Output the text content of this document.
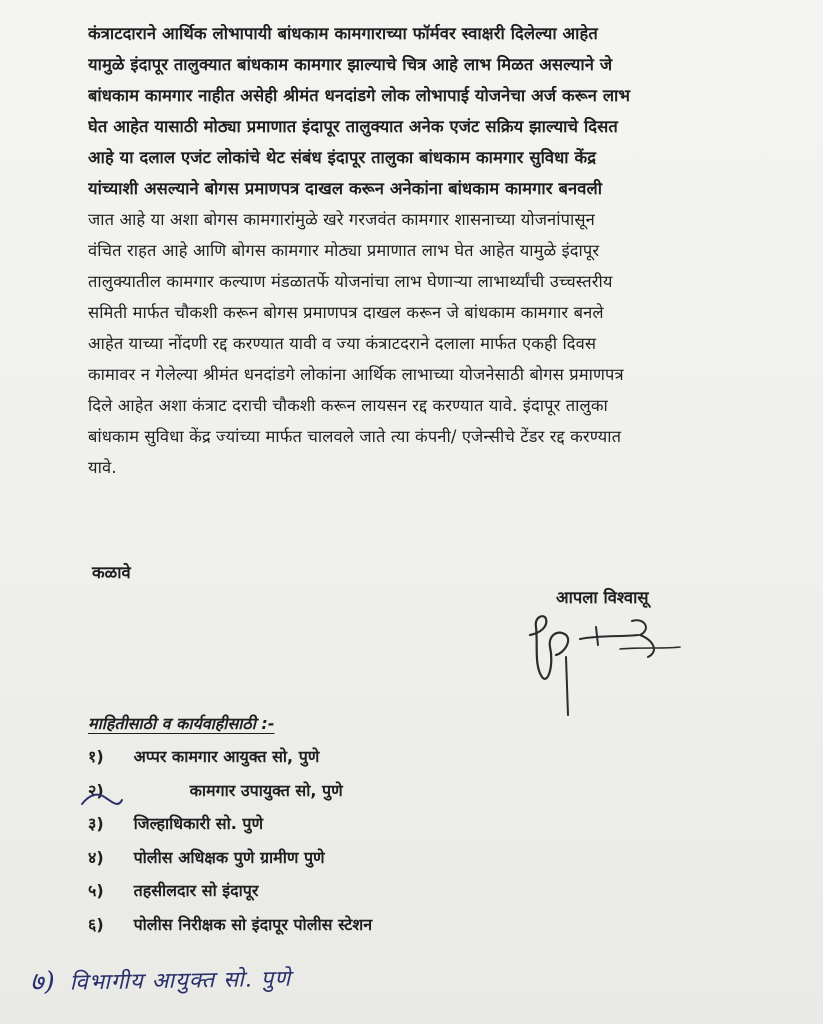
कंत्राटदाराने आर्थिक लोभापायी बांधकाम कामगाराच्या फॉर्मवर स्वाक्षरी दिलेल्या आहेत
यामुळे इंदापूर तालुक्यात बांधकाम कामगार झाल्याचे चित्र आहे लाभ मिळत असल्याने जे
बांधकाम कामगार नाहीत असेही श्रीमंत धनदांडगे लोक लोभापाई योजनेचा अर्ज करून लाभ
घेत आहेत यासाठी मोठ्या प्रमाणात इंदापूर तालुक्यात अनेक एजंट सक्रिय झाल्याचे दिसत
आहे या दलाल एजंट लोकांचे थेट संबंध इंदापूर तालुका बांधकाम कामगार सुविधा केंद्र
यांच्याशी असल्याने बोगस प्रमाणपत्र दाखल करून अनेकांना बांधकाम कामगार बनवली
जात आहे या अशा बोगस कामगारांमुळे खरे गरजवंत कामगार शासनाच्या योजनांपासून
वंचित राहत आहे आणि बोगस कामगार मोठ्या प्रमाणात लाभ घेत आहेत यामुळे इंदापूर
तालुक्यातील कामगार कल्याण मंडळातर्फे योजनांचा लाभ घेणाऱ्या लाभार्थ्यांची उच्चस्तरीय
समिती मार्फत चौकशी करून बोगस प्रमाणपत्र दाखल करून जे बांधकाम कामगार बनले
आहेत याच्या नोंदणी रद्द करण्यात यावी व ज्या कंत्राटदराने दलाला मार्फत एकही दिवस
कामावर न गेलेल्या श्रीमंत धनदांडगे लोकांना आर्थिक लाभाच्या योजनेसाठी बोगस प्रमाणपत्र
दिले आहेत अशा कंत्राट दराची चौकशी करून लायसन रद्द करण्यात यावे. इंदापूर तालुका
बांधकाम सुविधा केंद्र ज्यांच्या मार्फत चालवले जाते त्या कंपनी/ एजेन्सीचे टेंडर रद्द करण्यात
यावे.
कळावे
आपला विश्वासू
माहितीसाठी व कार्यवाहीसाठी :-
१) अप्पर कामगार आयुक्त सो, पुणे
२)	कामगार उपायुक्त सो, पुणे
३) जिल्हाधिकारी सो. पुणे
४) पोलीस अधिक्षक पुणे ग्रामीण पुणे
५) तहसीलदार सो इंदापूर
६) पोलीस निरीक्षक सो इंदापूर पोलीस स्टेशन
७) विभागीय आयुक्त सो. पुणे
